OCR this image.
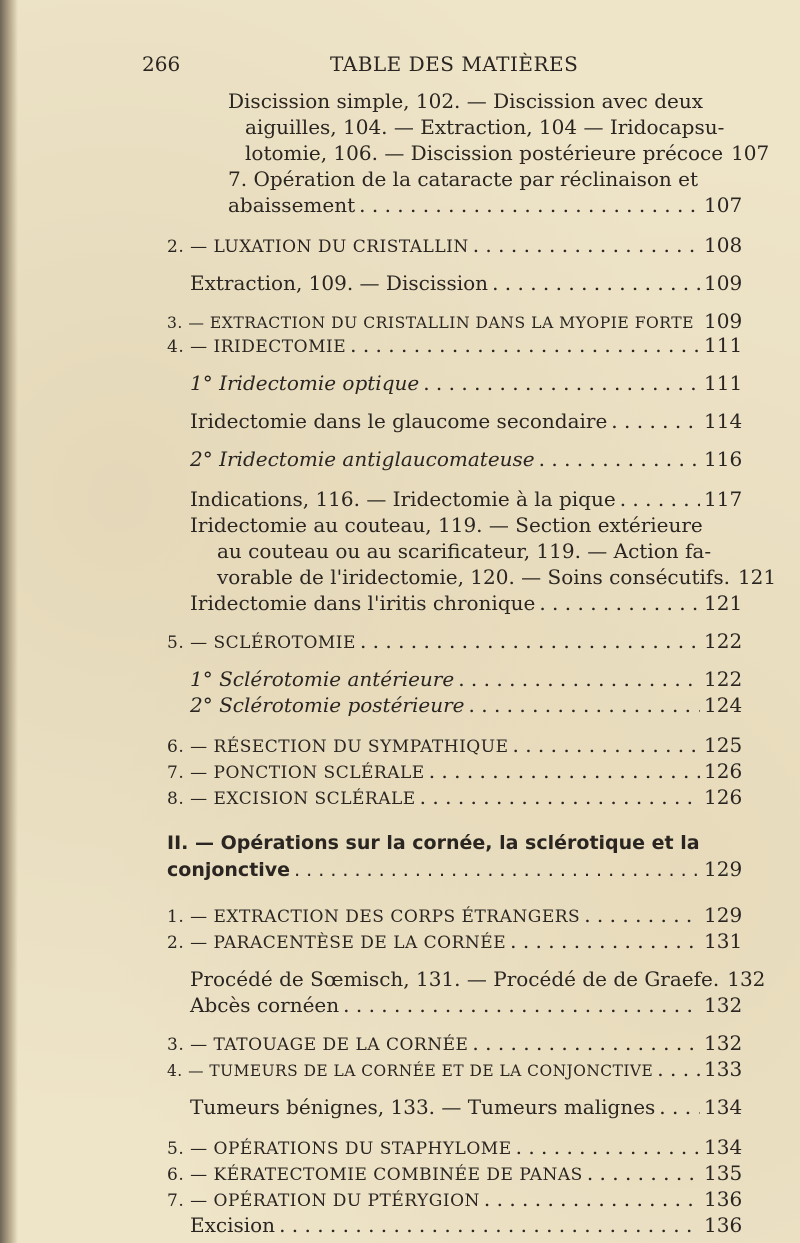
266	TABLE DES MATIÈRES
Discission simple, 102. — Discission avec deux
aiguilles, 104. — Extraction, 104 — Iridocapsu-
lotomie, 106. — Discission postérieure précoce 107
7. Opération de la cataracte par réclinaison et
abaissement . . .	107
2. — LUXATION DU CRISTALLIN . . .	108
Extraction, 109. — Discission . . .	109
3. — EXTRACTION DU CRISTALLIN DANS LA MYOPIE FORTE 109
4. — IRIDECTOMIE . . .	111
1° Iridectomie optique . . .	111
Iridectomie dans le glaucome secondaire . . .	114
2° Iridectomie antiglaucomateuse . . .	116
Indications, 116. — Iridectomie à la pique . . .	117
Iridectomie au couteau, 119. — Section extérieure
au couteau ou au scarificateur, 119. — Action fa-
vorable de l'iridectomie, 120. — Soins consécutifs. 121
Iridectomie dans l'iritis chronique . . .	121
5. — SCLÉROTOMIE . . .	122
1° Sclérotomie antérieure . . .	122
2° Sclérotomie postérieure . . .	124
6. — RÉSECTION DU SYMPATHIQUE . . .	125
7. — PONCTION SCLÉRALE . . .	126
8. — EXCISION SCLÉRALE . . .	126
II. — Opérations sur la cornée, la sclérotique et la
conjonctive . . .	129
1. — EXTRACTION DES CORPS ÉTRANGERS . . .	129
2. — PARACENTÈSE DE LA CORNÉE . . .	131
Procédé de Sœmisch, 131. — Procédé de de Graefe. 132
Abcès cornéen . . .	132
3. — TATOUAGE DE LA CORNÉE . . .	132
4. — TUMEURS DE LA CORNÉE ET DE LA CONJONCTIVE . . .	133
Tumeurs bénignes, 133. — Tumeurs malignes . . . 134
5. — OPÉRATIONS DU STAPHYLOME . . .	134
6. — KÉRATECTOMIE COMBINÉE DE PANAS . . .	135
7. — OPÉRATION DU PTÉRYGION . . .	136
Excision . . .	136
